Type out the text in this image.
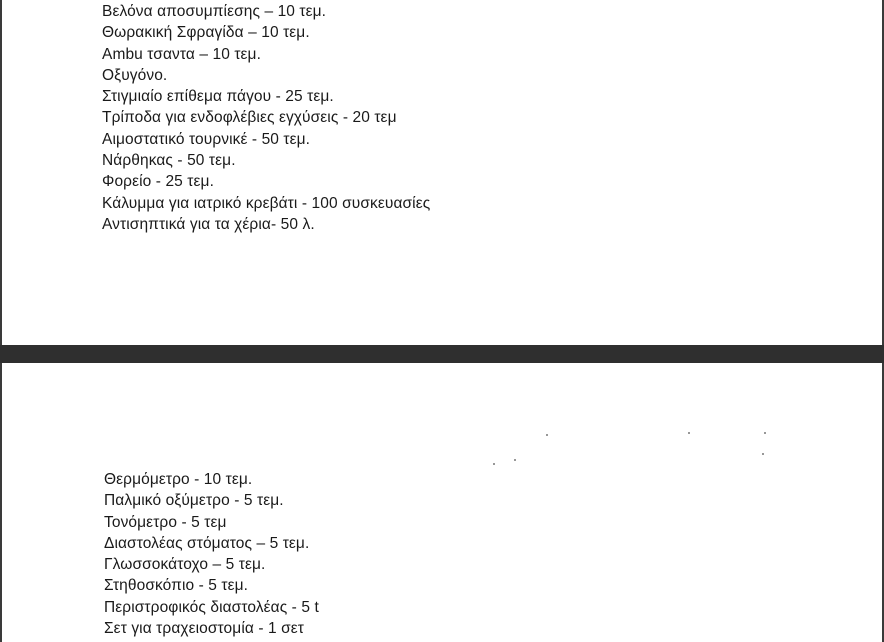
Βελόνα αποσυμπίεσης – 10 τεμ.
Θωρακική Σφραγίδα – 10 τεμ.
Ambu τσαντα – 10 τεμ.
Οξυγόνο.
Στιγμιαίο επίθεμα πάγου - 25 τεμ.
Τρίποδα για ενδοφλέβιες εγχύσεις - 20 τεμ
Αιμοστατικό τουρνικέ - 50 τεμ.
Νάρθηκας - 50 τεμ.
Φορείο - 25 τεμ.
Κάλυμμα για ιατρικό κρεβάτι - 100 συσκευασίες
Αντισηπτικά για τα χέρια- 50 λ.
Θερμόμετρο - 10 τεμ.
Παλμικό οξύμετρο - 5 τεμ.
Τονόμετρο - 5 τεμ
Διαστολέας στόματος – 5 τεμ.
Γλωσσοκάτοχο – 5 τεμ.
Στηθοσκόπιο - 5 τεμ.
Περιστροφικός διαστολέας - 5 t
Σετ για τραχειοστομία - 1 σετ
